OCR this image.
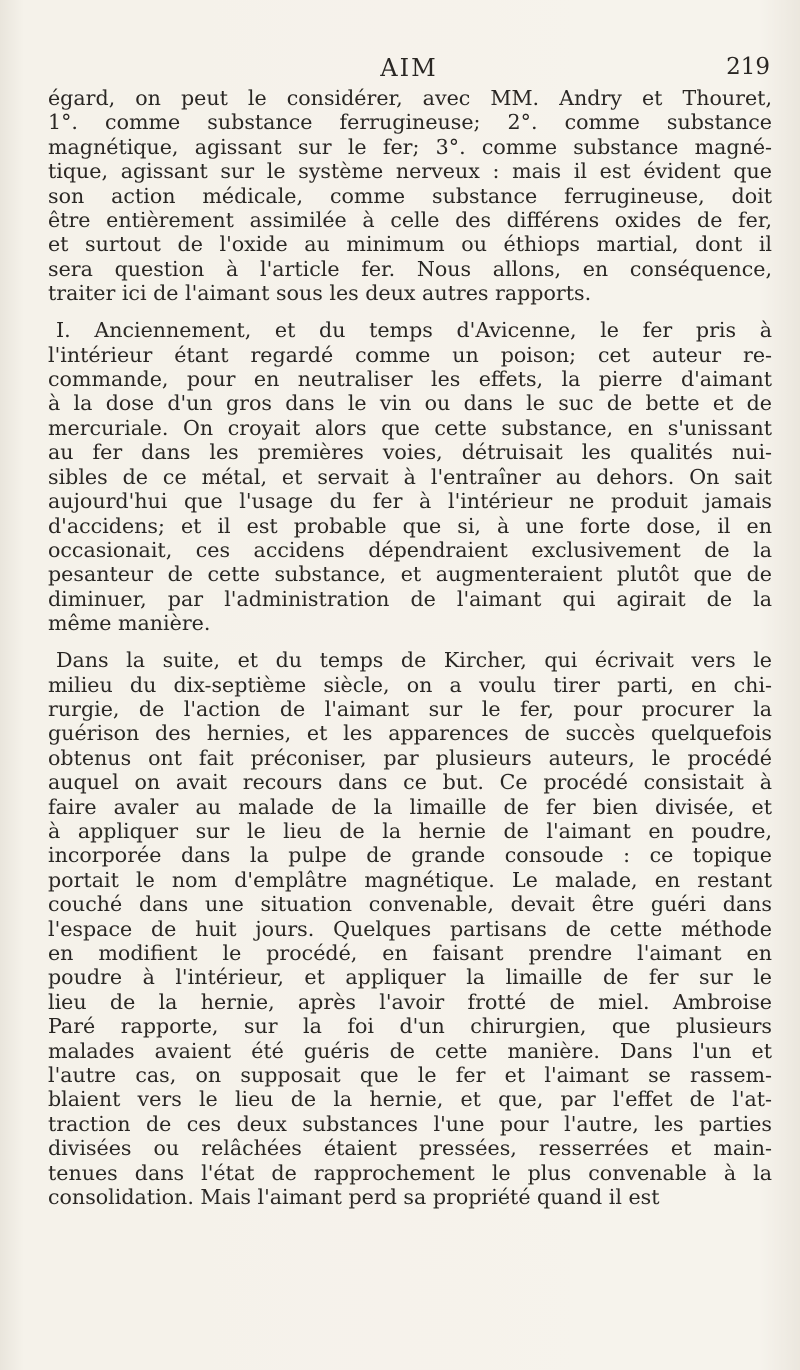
AIM	219
égard, on peut le considérer, avec MM. Andry et Thouret,
1°. comme substance ferrugineuse; 2°. comme substance
magnétique, agissant sur le fer; 3°. comme substance magné-
tique, agissant sur le système nerveux : mais il est évident que
son action médicale, comme substance ferrugineuse, doit
être entièrement assimilée à celle des différens oxides de fer,
et surtout de l'oxide au minimum ou éthiops martial, dont il
sera question à l'article fer. Nous allons, en conséquence,
traiter ici de l'aimant sous les deux autres rapports.
I. Anciennement, et du temps d'Avicenne, le fer pris à
l'intérieur étant regardé comme un poison; cet auteur re-
commande, pour en neutraliser les effets, la pierre d'aimant
à la dose d'un gros dans le vin ou dans le suc de bette et de
mercuriale. On croyait alors que cette substance, en s'unissant
au fer dans les premières voies, détruisait les qualités nui-
sibles de ce métal, et servait à l'entraîner au dehors. On sait
aujourd'hui que l'usage du fer à l'intérieur ne produit jamais
d'accidens; et il est probable que si, à une forte dose, il en
occasionait, ces accidens dépendraient exclusivement de la
pesanteur de cette substance, et augmenteraient plutôt que de
diminuer, par l'administration de l'aimant qui agirait de la
même manière.
Dans la suite, et du temps de Kircher, qui écrivait vers le
milieu du dix-septième siècle, on a voulu tirer parti, en chi-
rurgie, de l'action de l'aimant sur le fer, pour procurer la
guérison des hernies, et les apparences de succès quelquefois
obtenus ont fait préconiser, par plusieurs auteurs, le procédé
auquel on avait recours dans ce but. Ce procédé consistait à
faire avaler au malade de la limaille de fer bien divisée, et
à appliquer sur le lieu de la hernie de l'aimant en poudre,
incorporée dans la pulpe de grande consoude : ce topique
portait le nom d'emplâtre magnétique. Le malade, en restant
couché dans une situation convenable, devait être guéri dans
l'espace de huit jours. Quelques partisans de cette méthode
en modifient le procédé, en faisant prendre l'aimant en
poudre à l'intérieur, et appliquer la limaille de fer sur le
lieu de la hernie, après l'avoir frotté de miel. Ambroise
Paré rapporte, sur la foi d'un chirurgien, que plusieurs
malades avaient été guéris de cette manière. Dans l'un et
l'autre cas, on supposait que le fer et l'aimant se rassem-
blaient vers le lieu de la hernie, et que, par l'effet de l'at-
traction de ces deux substances l'une pour l'autre, les parties
divisées ou relâchées étaient pressées, resserrées et main-
tenues dans l'état de rapprochement le plus convenable à la
consolidation. Mais l'aimant perd sa propriété quand il est
